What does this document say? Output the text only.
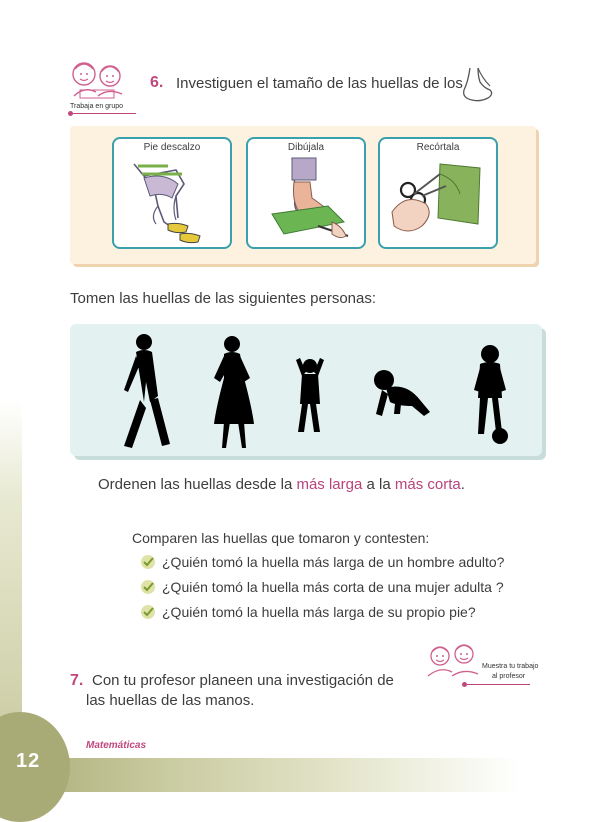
12
Matemáticas
Trabaja en grupo
6. Investiguen el tamaño de las huellas de los
Pie descalzo	Dibújala	Recórtala
Tomen las huellas de las siguientes personas:
Ordenen las huellas desde la más larga a la más corta.
Comparen las huellas que tomaron y contesten:
¿Quién tomó la huella más larga de un hombre adulto?
¿Quién tomó la huella más corta de una mujer adulta ?
¿Quién tomó la huella más larga de su propio pie?
7. Con tu profesor planeen una investigación de
las huellas de las manos.
Muestra tu trabajo
al profesor
